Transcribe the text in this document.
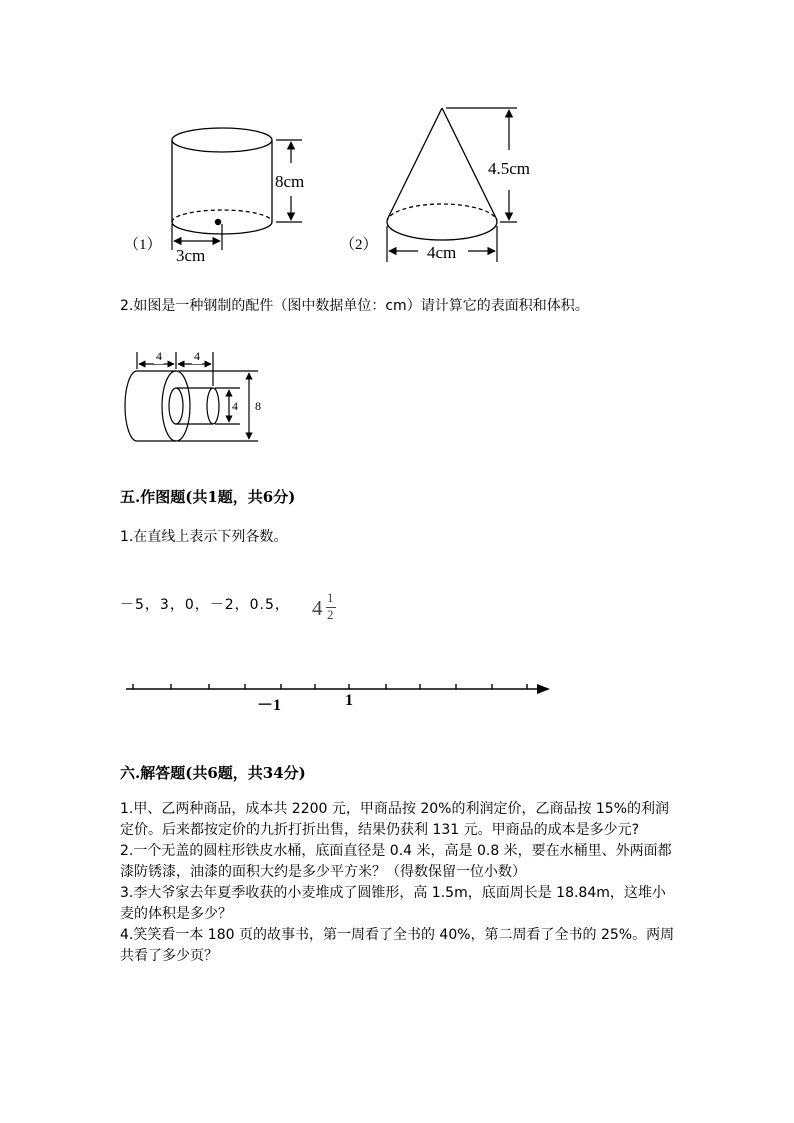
（1）
8cm
3cm
（2）
4.5cm
4cm
2.如图是一种钢制的配件（图中数据单位：cm）请计算它的表面积和体积。
4	4
4 8
五.作图题(共1题，共6分)
1.在直线上表示下列各数。
－5，3，0，－2，0.5， 4 1
2
－1	1
六.解答题(共6题，共34分)
1.甲、乙两种商品，成本共 2200 元，甲商品按 20%的利润定价，乙商品按 15%的利润定价。后来都按定价的九折打折出售，结果仍获利 131 元。甲商品的成本是多少元?
2.一个无盖的圆柱形铁皮水桶，底面直径是 0.4 米，高是 0.8 米，要在水桶里、外两面都漆防锈漆，油漆的面积大约是多少平方米？（得数保留一位小数）
3.李大爷家去年夏季收获的小麦堆成了圆锥形，高 1.5m，底面周长是 18.84m，这堆小麦的体积是多少？
4.笑笑看一本 180 页的故事书，第一周看了全书的 40%，第二周看了全书的 25%。两周共看了多少页？
